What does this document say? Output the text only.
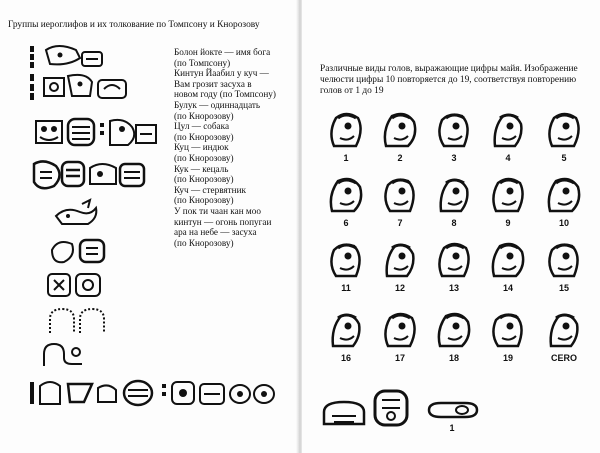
Группы иероглифов и их толкование по Томпсону и Кнорозову
Болон йокте — имя бога
(по Томпсону)
Кинтун Йаабил у куч —
Вам грозит засуха в
новом году (по Томпсону)
Булук — одиннадцать
(по Кнорозову)
Цул — собака
(по Кнорозову)
Куц — индюк
(по Кнорозову)
Кук — кецаль
(по Кнорозову)
Куч — стервятник
(по Кнорозову)
У пок ти чаан кан моо
кинтун — огонь попугаи
ара на небе — засуха
(по Кнорозову)
Различные виды голов, выражающие цифры майя. Изображение челюсти цифры 10 повторяется до 19, соответствуя повторению голов от 1 до 19
1	2	3	4	5
6	7	8	9	10
11	12	13	14	15
16	17	18	19	CERO
1
